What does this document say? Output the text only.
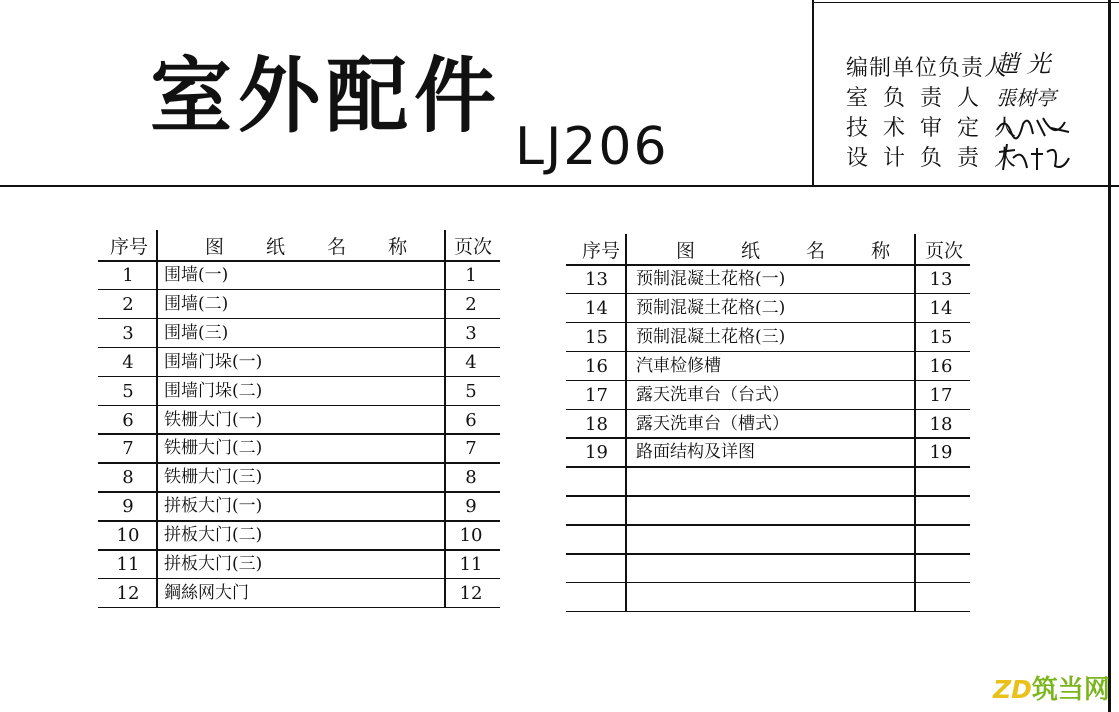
室外配件
LJ206
编制单位负责人
室 负 责 人
技 术 审 定 人
设 计 负 责 人
趙 光
張树亭
序号	图 纸 名 称 页次
1	围墙(一)	1
2	围墙(二)	2
3	围墙(三)	3
4	围墙门垛(一)	4
5	围墙门垛(二)	5
6	铁栅大门(一)	6
7	铁栅大门(二)	7
8	铁栅大门(三)	8
9	拼板大门(一)	9
10	拼板大门(二)	10
11	拼板大门(三)	11
12	鋼絲网大门	12
序号	图 纸 名 称 页次
13	预制混凝土花格(一)	13
14	预制混凝土花格(二)	14
15	预制混凝土花格(三)	15
16	汽車检修槽	16
17	露天洗車台（台式）	17
18	露天洗車台（槽式）	18
19	路面结构及详图	19
ZD筑当网
